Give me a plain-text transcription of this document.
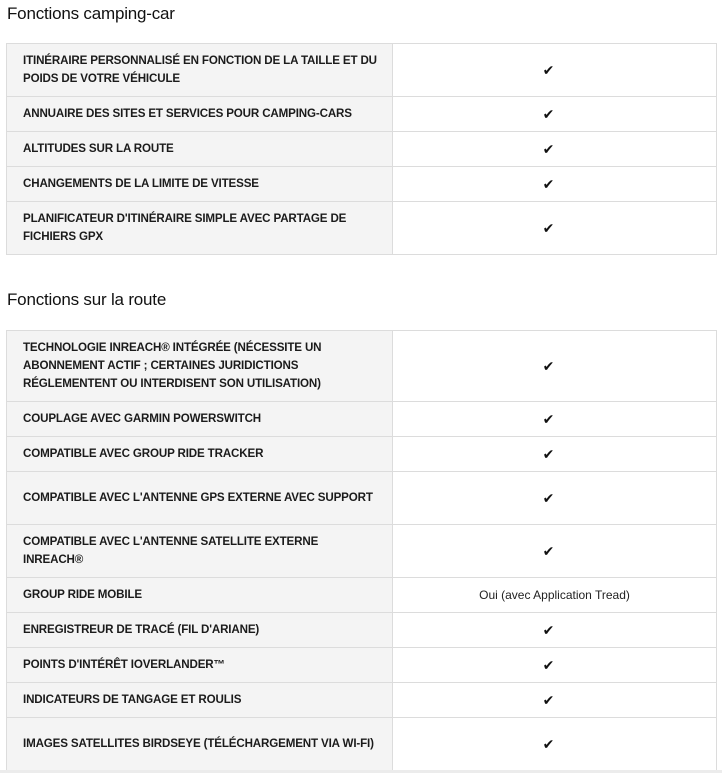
Fonctions camping-car
ITINÉRAIRE PERSONNALISÉ EN FONCTION DE LA TAILLE ET DU POIDS DE VOTRE VÉHICULE	✔
ANNUAIRE DES SITES ET SERVICES POUR CAMPING-CARS	✔
ALTITUDES SUR LA ROUTE	✔
CHANGEMENTS DE LA LIMITE DE VITESSE	✔
PLANIFICATEUR D'ITINÉRAIRE SIMPLE AVEC PARTAGE DE FICHIERS GPX	✔
Fonctions sur la route
TECHNOLOGIE INREACH® INTÉGRÉE (NÉCESSITE UN ABONNEMENT ACTIF ; CERTAINES JURIDICTIONS RÉGLEMENTENT OU INTERDISENT SON UTILISATION)	✔
COUPLAGE AVEC GARMIN POWERSWITCH	✔
COMPATIBLE AVEC GROUP RIDE TRACKER	✔
COMPATIBLE AVEC L'ANTENNE GPS EXTERNE AVEC SUPPORT	✔
COMPATIBLE AVEC L'ANTENNE SATELLITE EXTERNE INREACH®	✔
GROUP RIDE MOBILE	Oui (avec Application Tread)
ENREGISTREUR DE TRACÉ (FIL D'ARIANE)	✔
POINTS D'INTÉRÊT IOVERLANDER™	✔
INDICATEURS DE TANGAGE ET ROULIS	✔
IMAGES SATELLITES BIRDSEYE (TÉLÉCHARGEMENT VIA WI-FI)	✔
